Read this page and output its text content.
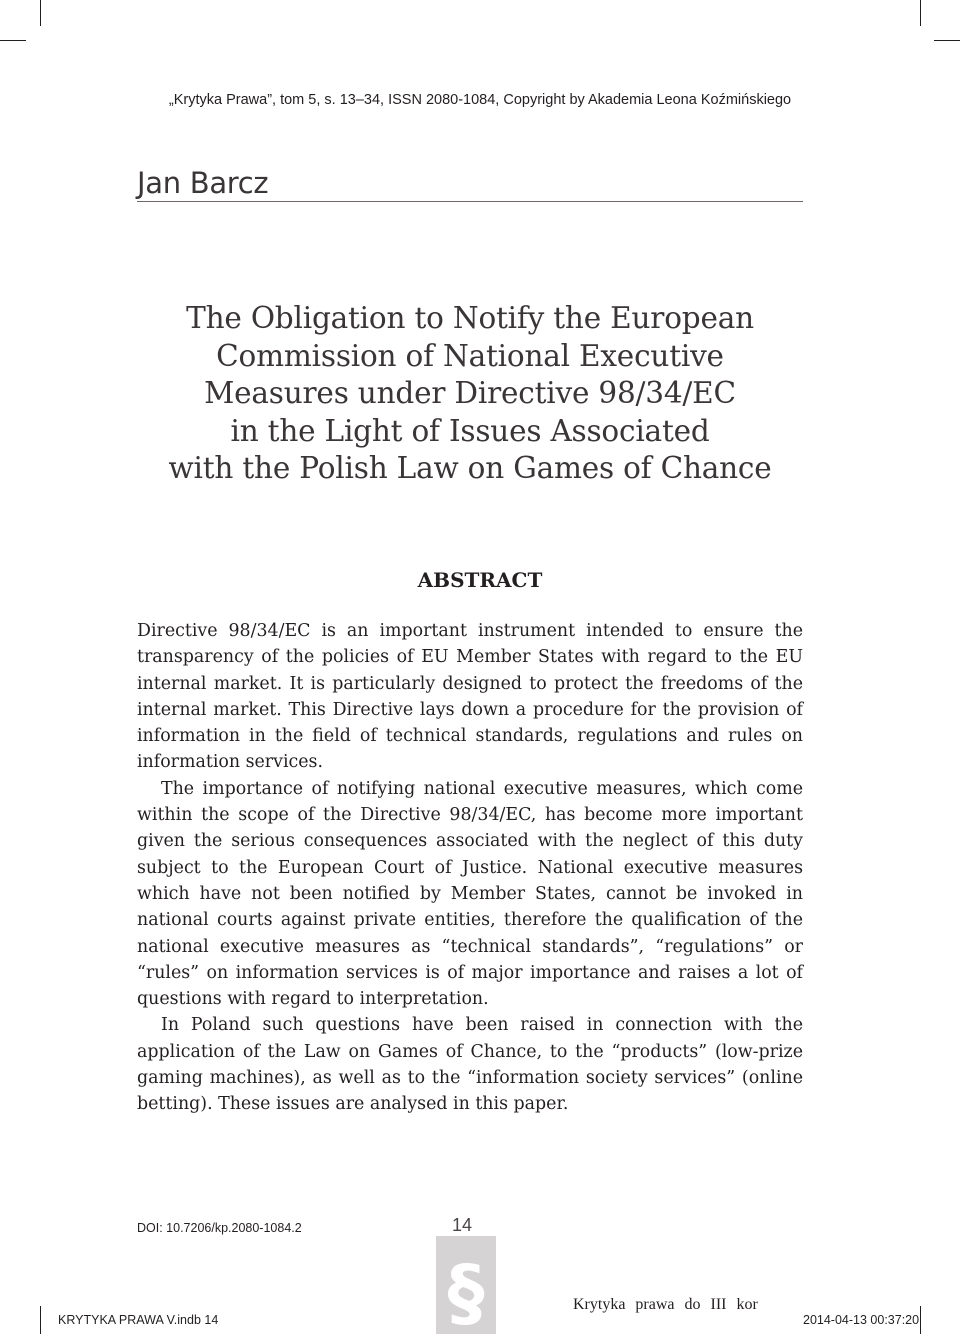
„Krytyka Prawa”, tom 5, s. 13–34, ISSN 2080-1084, Copyright by Akademia Leona Koźmińskiego
Jan Barcz
The Obligation to Notify the European
Commission of National Executive
Measures under Directive 98/34/EC
in the Light of Issues Associated
with the Polish Law on Games of Chance
ABSTRACT

Directive 98/34/EC is an important instrument intended to ensure the transparency of the policies of EU Member States with regard to the EU internal market. It is particularly designed to protect the freedoms of the internal market. This Directive lays down a procedure for the provision of information in the field of technical standards, regulations and rules on information services.

The importance of notifying national executive measures, which come within the scope of the Directive 98/34/EC, has become more important given the serious consequences associated with the neglect of this duty subject to the European Court of Justice. National executive measures which have not been notified by Member States, cannot be invoked in national courts against private entities, therefore the qualification of the national executive measures as “technical standards”, “regulations” or “rules” on information services is of major importance and raises a lot of questions with regard to interpretation.

In Poland such questions have been raised in connection with the application of the Law on Games of Chance, to the “products” (low-prize gaming machines), as well as to the “information society services” (online betting). These issues are analysed in this paper.

DOI: 10.7206/kp.2080-1084.2	14
§
KRYTYKA PRAWA V.indb 14
Krytyka prawa do III kor
2014-04-13 00:37:20
